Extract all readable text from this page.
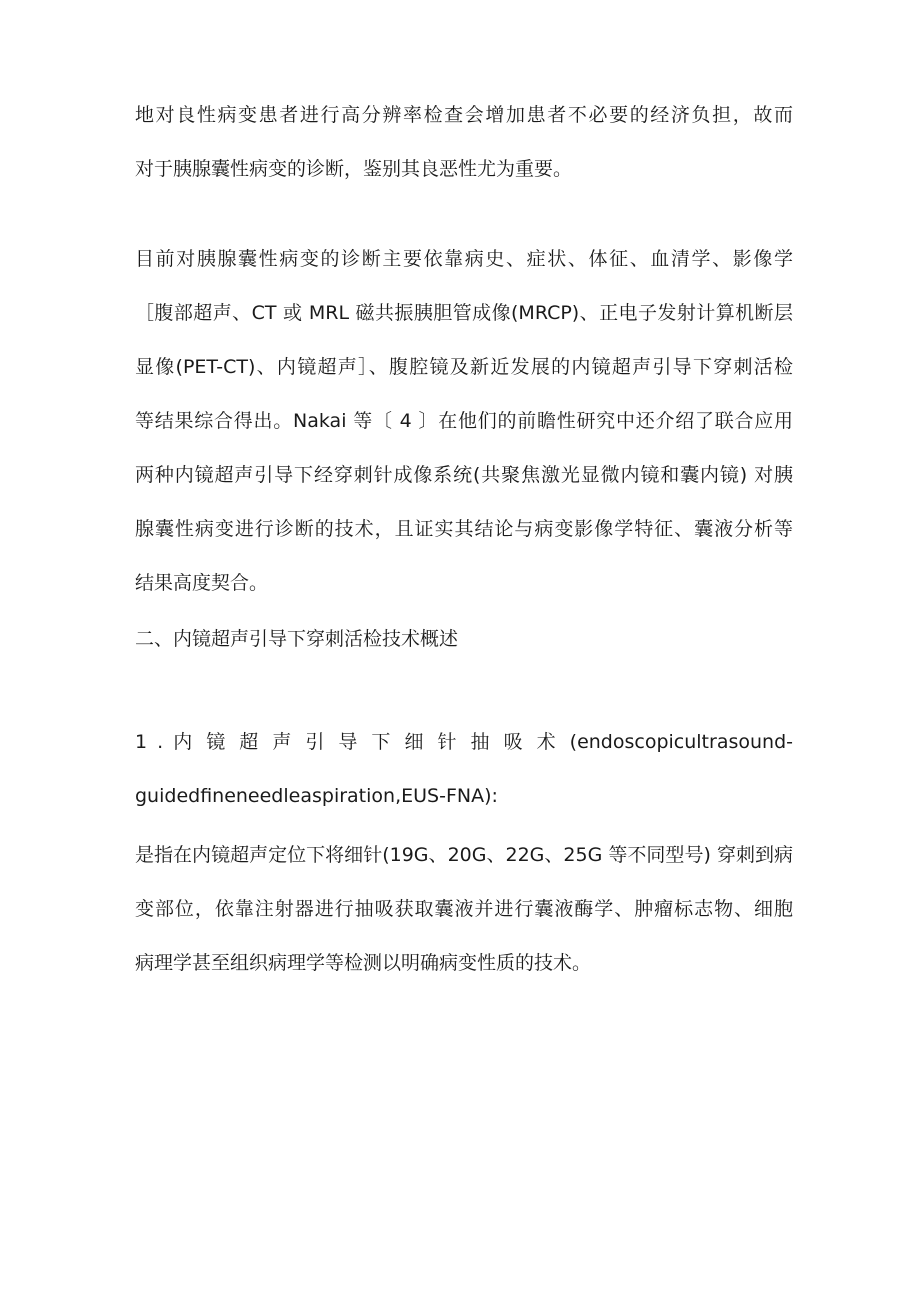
地对良性病变患者进行高分辨率检查会增加患者不必要的经济负担，故而
对于胰腺囊性病变的诊断，鉴别其良恶性尤为重要。
目前对胰腺囊性病变的诊断主要依靠病史、症状、体征、血清学、影像学
［腹部超声、CT 或 MRL 磁共振胰胆管成像(MRCP)、正电子发射计算机断层
显像(PET-CT)、内镜超声］、腹腔镜及新近发展的内镜超声引导下穿刺活检
等结果综合得出。Nakai 等〔 4 〕在他们的前瞻性研究中还介绍了联合应用
两种内镜超声引导下经穿刺针成像系统(共聚焦激光显微内镜和囊内镜) 对胰
腺囊性病变进行诊断的技术，且证实其结论与病变影像学特征、囊液分析等
结果高度契合。
二、内镜超声引导下穿刺活检技术概述
1 . 内 镜 超 声 引 导 下 细 针 抽 吸 术 (endoscopicultrasound-
guidedfineneedleaspiration,EUS-FNA):
是指在内镜超声定位下将细针(19G、20G、22G、25G 等不同型号) 穿刺到病
变部位，依靠注射器进行抽吸获取囊液并进行囊液酶学、肿瘤标志物、细胞
病理学甚至组织病理学等检测以明确病变性质的技术。
